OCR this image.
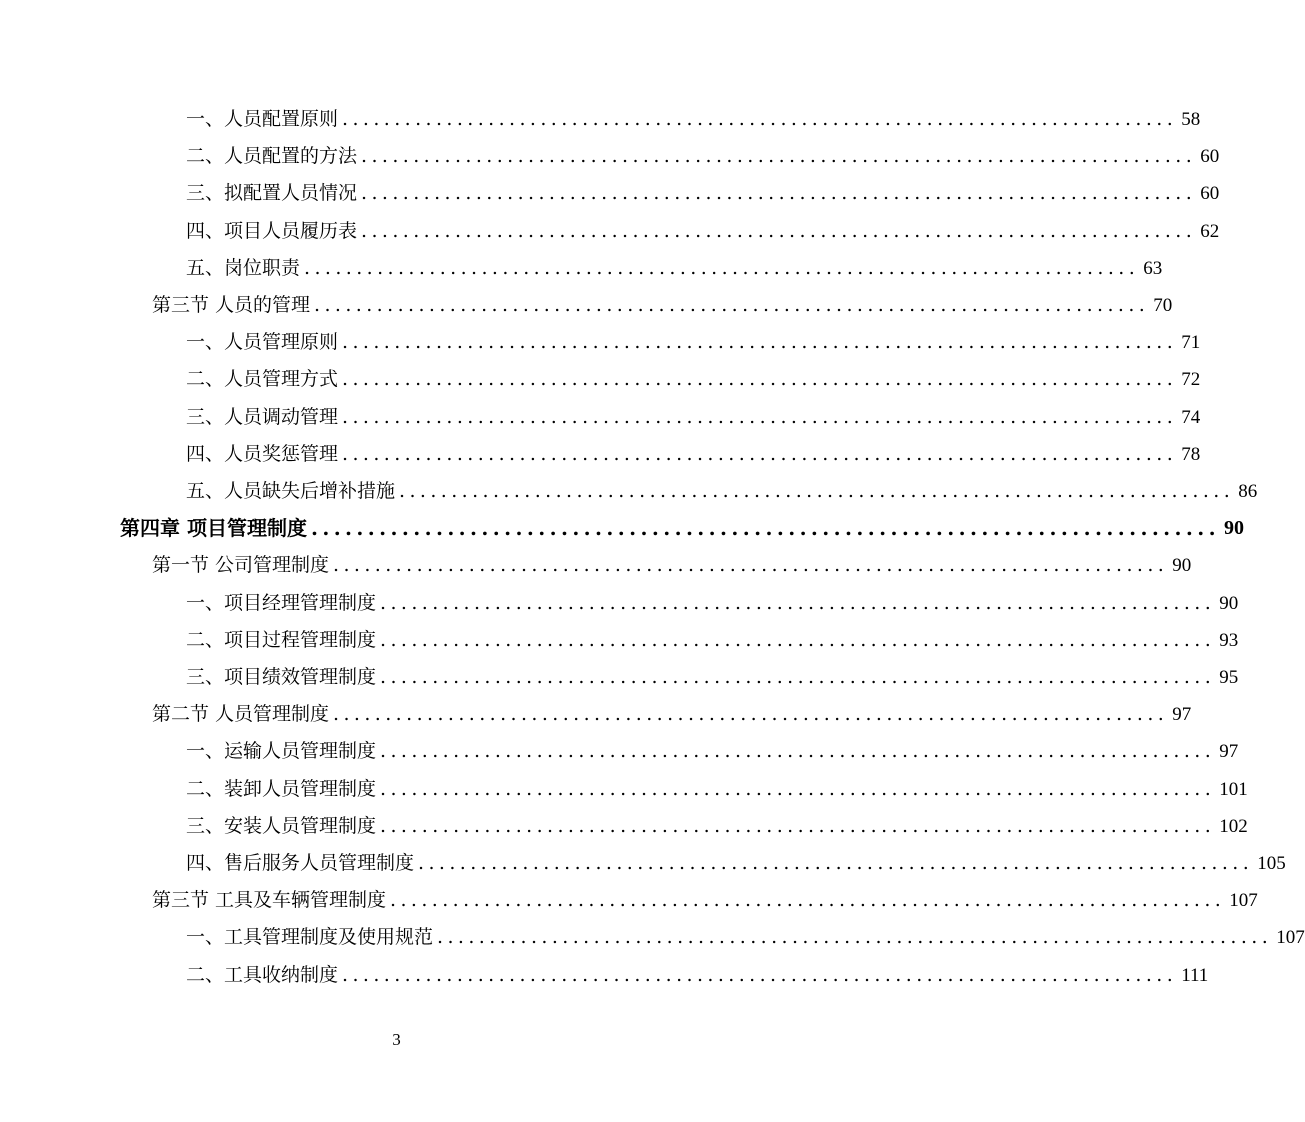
一、人员配置原则 ................................................................................ 58
二、人员配置的方法 ................................................................................ 60
三、拟配置人员情况 ................................................................................ 60
四、项目人员履历表 ................................................................................ 62
五、岗位职责 ................................................................................ 63
第三节 人员的管理 ................................................................................ 70
一、人员管理原则 ................................................................................ 71
二、人员管理方式 ................................................................................ 72
三、人员调动管理 ................................................................................ 74
四、人员奖惩管理 ................................................................................ 78
五、人员缺失后增补措施 ................................................................................ 86
第四章 项目管理制度 ................................................................................ 90
第一节 公司管理制度 ................................................................................ 90
一、项目经理管理制度 ................................................................................ 90
二、项目过程管理制度 ................................................................................ 93
三、项目绩效管理制度 ................................................................................ 95
第二节 人员管理制度 ................................................................................ 97
一、运输人员管理制度 ................................................................................ 97
二、装卸人员管理制度 ................................................................................ 101
三、安装人员管理制度 ................................................................................ 102
四、售后服务人员管理制度 ................................................................................ 105
第三节 工具及车辆管理制度 ................................................................................ 107
一、工具管理制度及使用规范 ................................................................................ 107
二、工具收纳制度 ................................................................................ 111
3
